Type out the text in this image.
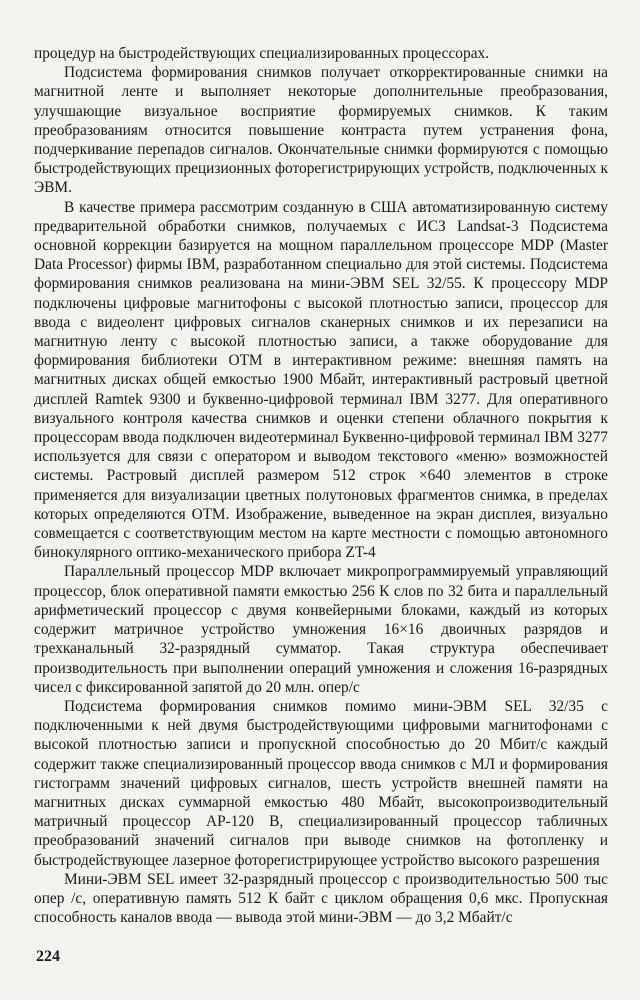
процедур на быстродействующих специализированных процессорах.

Подсистема формирования снимков получает откорректированные снимки на магнитной ленте и выполняет некоторые дополнительные преобразования, улучшающие визуальное восприятие формируемых снимков. К таким преобразованиям относится повышение контраста путем устранения фона, подчеркивание перепадов сигналов. Окончательные снимки формируются с помощью быстродействующих прецизионных фоторегистрирующих устройств, подключенных к ЭВМ.

В качестве примера рассмотрим созданную в США автоматизированную систему предварительной обработки снимков, получаемых с ИСЗ Landsat-3 Подсистема основной коррекции базируется на мощном параллельном процессоре MDP (Master Data Processor) фирмы IBM, разработанном специально для этой системы. Подсистема формирования снимков реализована на мини-ЭВМ SEL 32/55. К процессору MDP подключены цифровые магнитофоны с высокой плотностью записи, процессор для ввода с видеолент цифровых сигналов сканерных снимков и их перезаписи на магнитную ленту с высокой плотностью записи, а также оборудование для формирования библиотеки ОТМ в интерактивном режиме: внешняя память на магнитных дисках общей емкостью 1900 Мбайт, интерактивный растровый цветной дисплей Ramtek 9300 и буквенно-цифровой терминал IBM 3277. Для оперативного визуального контроля качества снимков и оценки степени облачного покрытия к процессорам ввода подключен видеотерминал Буквенно-цифровой терминал IBM 3277 используется для связи с оператором и выводом текстового «меню» возможностей системы. Растровый дисплей размером 512 строк ×640 элементов в строке применяется для визуализации цветных полутоновых фрагментов снимка, в пределах которых определяются ОТМ. Изображение, выведенное на экран дисплея, визуально совмещается с соответствующим местом на карте местности с помощью автономного бинокулярного оптико-механического прибора ZT-4

Параллельный процессор MDP включает микропрограммируемый управляющий процессор, блок оперативной памяти емкостью 256 К слов по 32 бита и параллельный арифметический процессор с двумя конвейерными блоками, каждый из которых содержит матричное устройство умножения 16×16 двоичных разрядов и трехканальный 32-разрядный сумматор. Такая структура обеспечивает производительность при выполнении операций умножения и сложения 16-разрядных чисел с фиксированной запятой до 20 млн. опер/с

Подсистема формирования снимков помимо мини-ЭВМ SEL 32/35 с подключенными к ней двумя быстродействующими цифровыми магнитофонами с высокой плотностью записи и пропускной способностью до 20 Мбит/с каждый содержит также специализированный процессор ввода снимков с МЛ и формирования гистограмм значений цифровых сигналов, шесть устройств внешней памяти на магнитных дисках суммарной емкостью 480 Мбайт, высокопроизводительный матричный процессор AP-120 B, специализированный процессор табличных преобразований значений сигналов при выводе снимков на фотопленку и быстродействующее лазерное фоторегистрирующее устройство высокого разрешения

Мини-ЭВМ SEL имеет 32-разрядный процессор с производительностью 500 тыс опер /с, оперативную память 512 К байт с циклом обращения 0,6 мкс. Пропускная способность каналов ввода — вывода этой мини-ЭВМ — до 3,2 Мбайт/с

224
